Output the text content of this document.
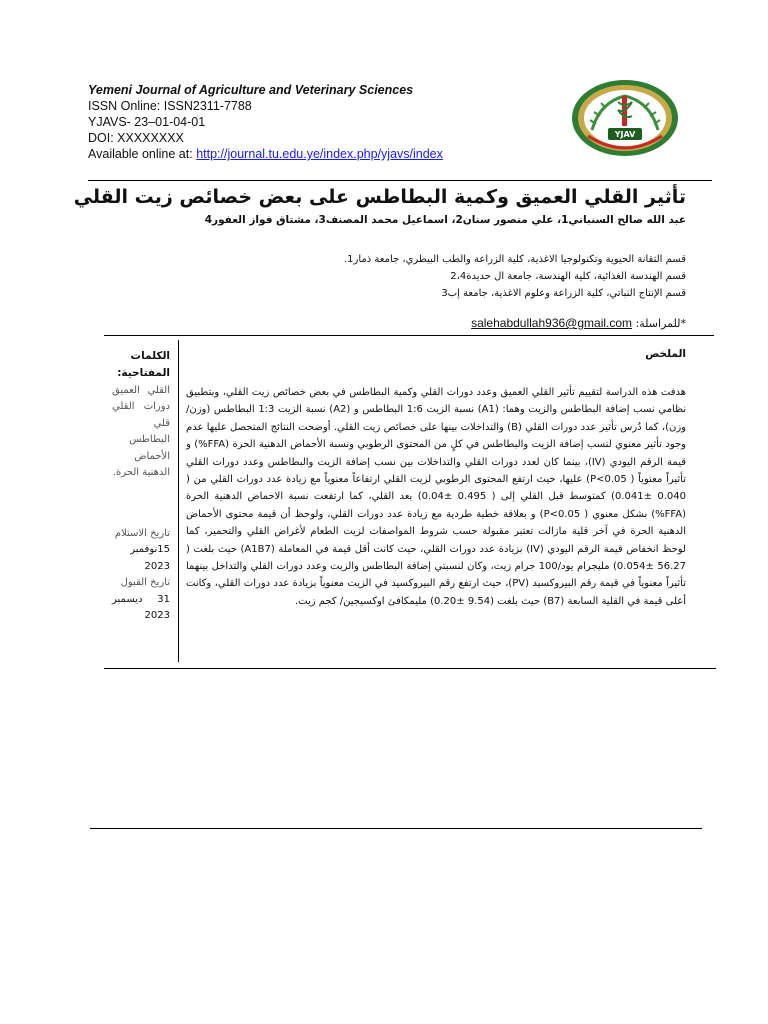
Yemeni Journal of Agriculture and Veterinary Sciences
ISSN Online: ISSN2311-7788
YJAVS- 23–01-04-01
DOI: XXXXXXXX
Available online at: http://journal.tu.edu.ye/index.php/yjavs/index
YJAV
تأثير القلي العميق وكمية البطاطس على بعض خصائص زيت القلي
عبد الله صالح السنباني1، علي منصور سنان2، اسماعيل محمد المصنف3، مشتاق فواز العفور4
قسم التقانة الحيوية وتكنولوجيا الاغذية، كلية الزراعة والطب البيطري، جامعة ذمار1.
قسم الهندسة الغذائية، كلية الهندسة، جامعة ال حديدة2،4
قسم الإنتاج النباتي، كلية الزراعة وعلوم الاغذية، جامعة إب3
*للمراسلة: salehabdullah936@gmail.com
الملخص
هدفت هذه الدراسة لتقييم تأثير القلي العميق وعدد دورات القلي وكمية البطاطس في بعض خصائص زيت القلي، وبتطبيق نظامي نسب إضافة البطاطس والزيت وهما: (A1) نسبة الزيت 1:6 البطاطس و (A2) نسبة الزيت 1:3 البطاطس (وزن/ وزن)، كما دُرس تأثير عدد دورات القلي (B) والتداخلات بينها على خصائص زيت القلي. أوضحت النتائج المتحصل عليها عدم وجود تأثير معنوي لنسب إضافة الزيت والبطاطس في كلٍ من المحتوى الرطوبي ونسبة الأحماض الدهنية الحرة (FFA%) و قيمة الرقم اليودي (IV)، بينما كان لعدد دورات القلي والتداخلات بين نسب إضافة الزيت والبطاطس وعدد دورات القلي تأثيراً معنوياً ( P<0.05) عليها، حيث ارتفع المحتوى الرطوبي لزيت القلي ارتفاعاً معنوياً مع زيادة عدد دورات القلي من ( 0.040 ±0.041) كمتوسط قبل القلي إلى ( 0.495 ±0.04) بعد القلي، كما ارتفعت نسبة الاحماض الدهنية الحرة (FFA%) بشكل معنوي ( P<0.05) و بعلاقة خطية طردية مع زيادة عدد دورات القلي، ولوحظ أن قيمة محتوى الأحماض الدهنية الحرة في آخر قلية مازالت تعتبر مقبولة حسب شروط المواصفات لزيت الطعام لأغراض القلي والتحمير، كما لوحظ انخفاض قيمة الرقم اليودي (IV) بزيادة عدد دورات القلي، حيث كانت أقل قيمة في المعاملة (A1B7) حيث بلغت ( 56.27 ±0.054) مليجرام يود/100 جرام زيت، وكان لنسبتي إضافة البطاطس والزيت وعدد دورات القلي والتداخل بينهما تأثيراً معنوياً في قيمة رقم البيروكسيد (PV)، حيث ارتفع رقم البيروكسيد في الزيت معنوياً بزيادة عدد دورات القلي، وكانت أعلى قيمة في القلية السابعة (B7) حيث بلغت (9.54 ±0.20) مليمكافئ اوكسيجين/ كجم زيت.
الكلمات المفتاحية:
القلي العميق دورات القلي قلي البطاطس الأحماض الدهنية الحرة.
تاريخ الاستلام
15نوفمبر 2023
تاريخ القبول
31 ديسمبر 2023
